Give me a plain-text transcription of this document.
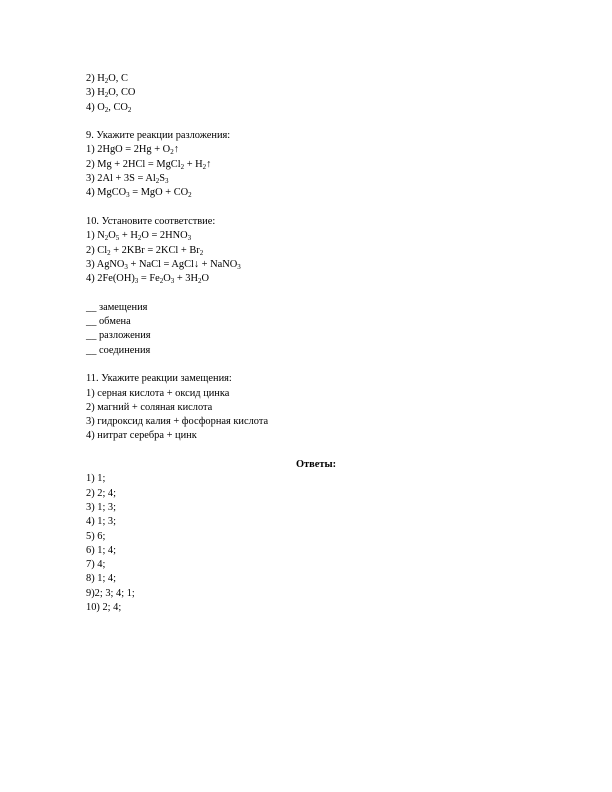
2) $H_2O$, C
3) $H_2O$, CO
4) $O_2$, $CO_2$
9. Укажите реакции разложения:
1) $2HgO = 2Hg + O_2↑$
2) Mg + 2HCl = MgCl$_2$ + $H_2↑$
3) $2Al + 3S = Al_2S_3$
4) MgCO$_3$ = MgO + $CO_2$
10. Установите соответствие:
1) $N_2O_5 + H_2O = 2HNO_3$
2) $Cl_2 + 2KBr = 2KCl + Br_2$
3) AgNO$_3$ + NaCl = AgCl↓ + NaNO$_3$
4) $2Fe(OH)_3 = Fe_2O_3 + 3H_2O$
__ замещения
__ обмена
__ разложения
__ соединения
11. Укажите реакции замещения:
1) серная кислота + оксид цинка
2) магний + соляная кислота
3) гидроксид калия + фосфорная кислота
4) нитрат серебра + цинк
Ответы:
1) 1;
2) 2; 4;
3) 1; 3;
4) 1; 3;
5) 6;
6) 1; 4;
7) 4;
8) 1; 4;
9)2; 3; 4; 1;
10) 2; 4;
